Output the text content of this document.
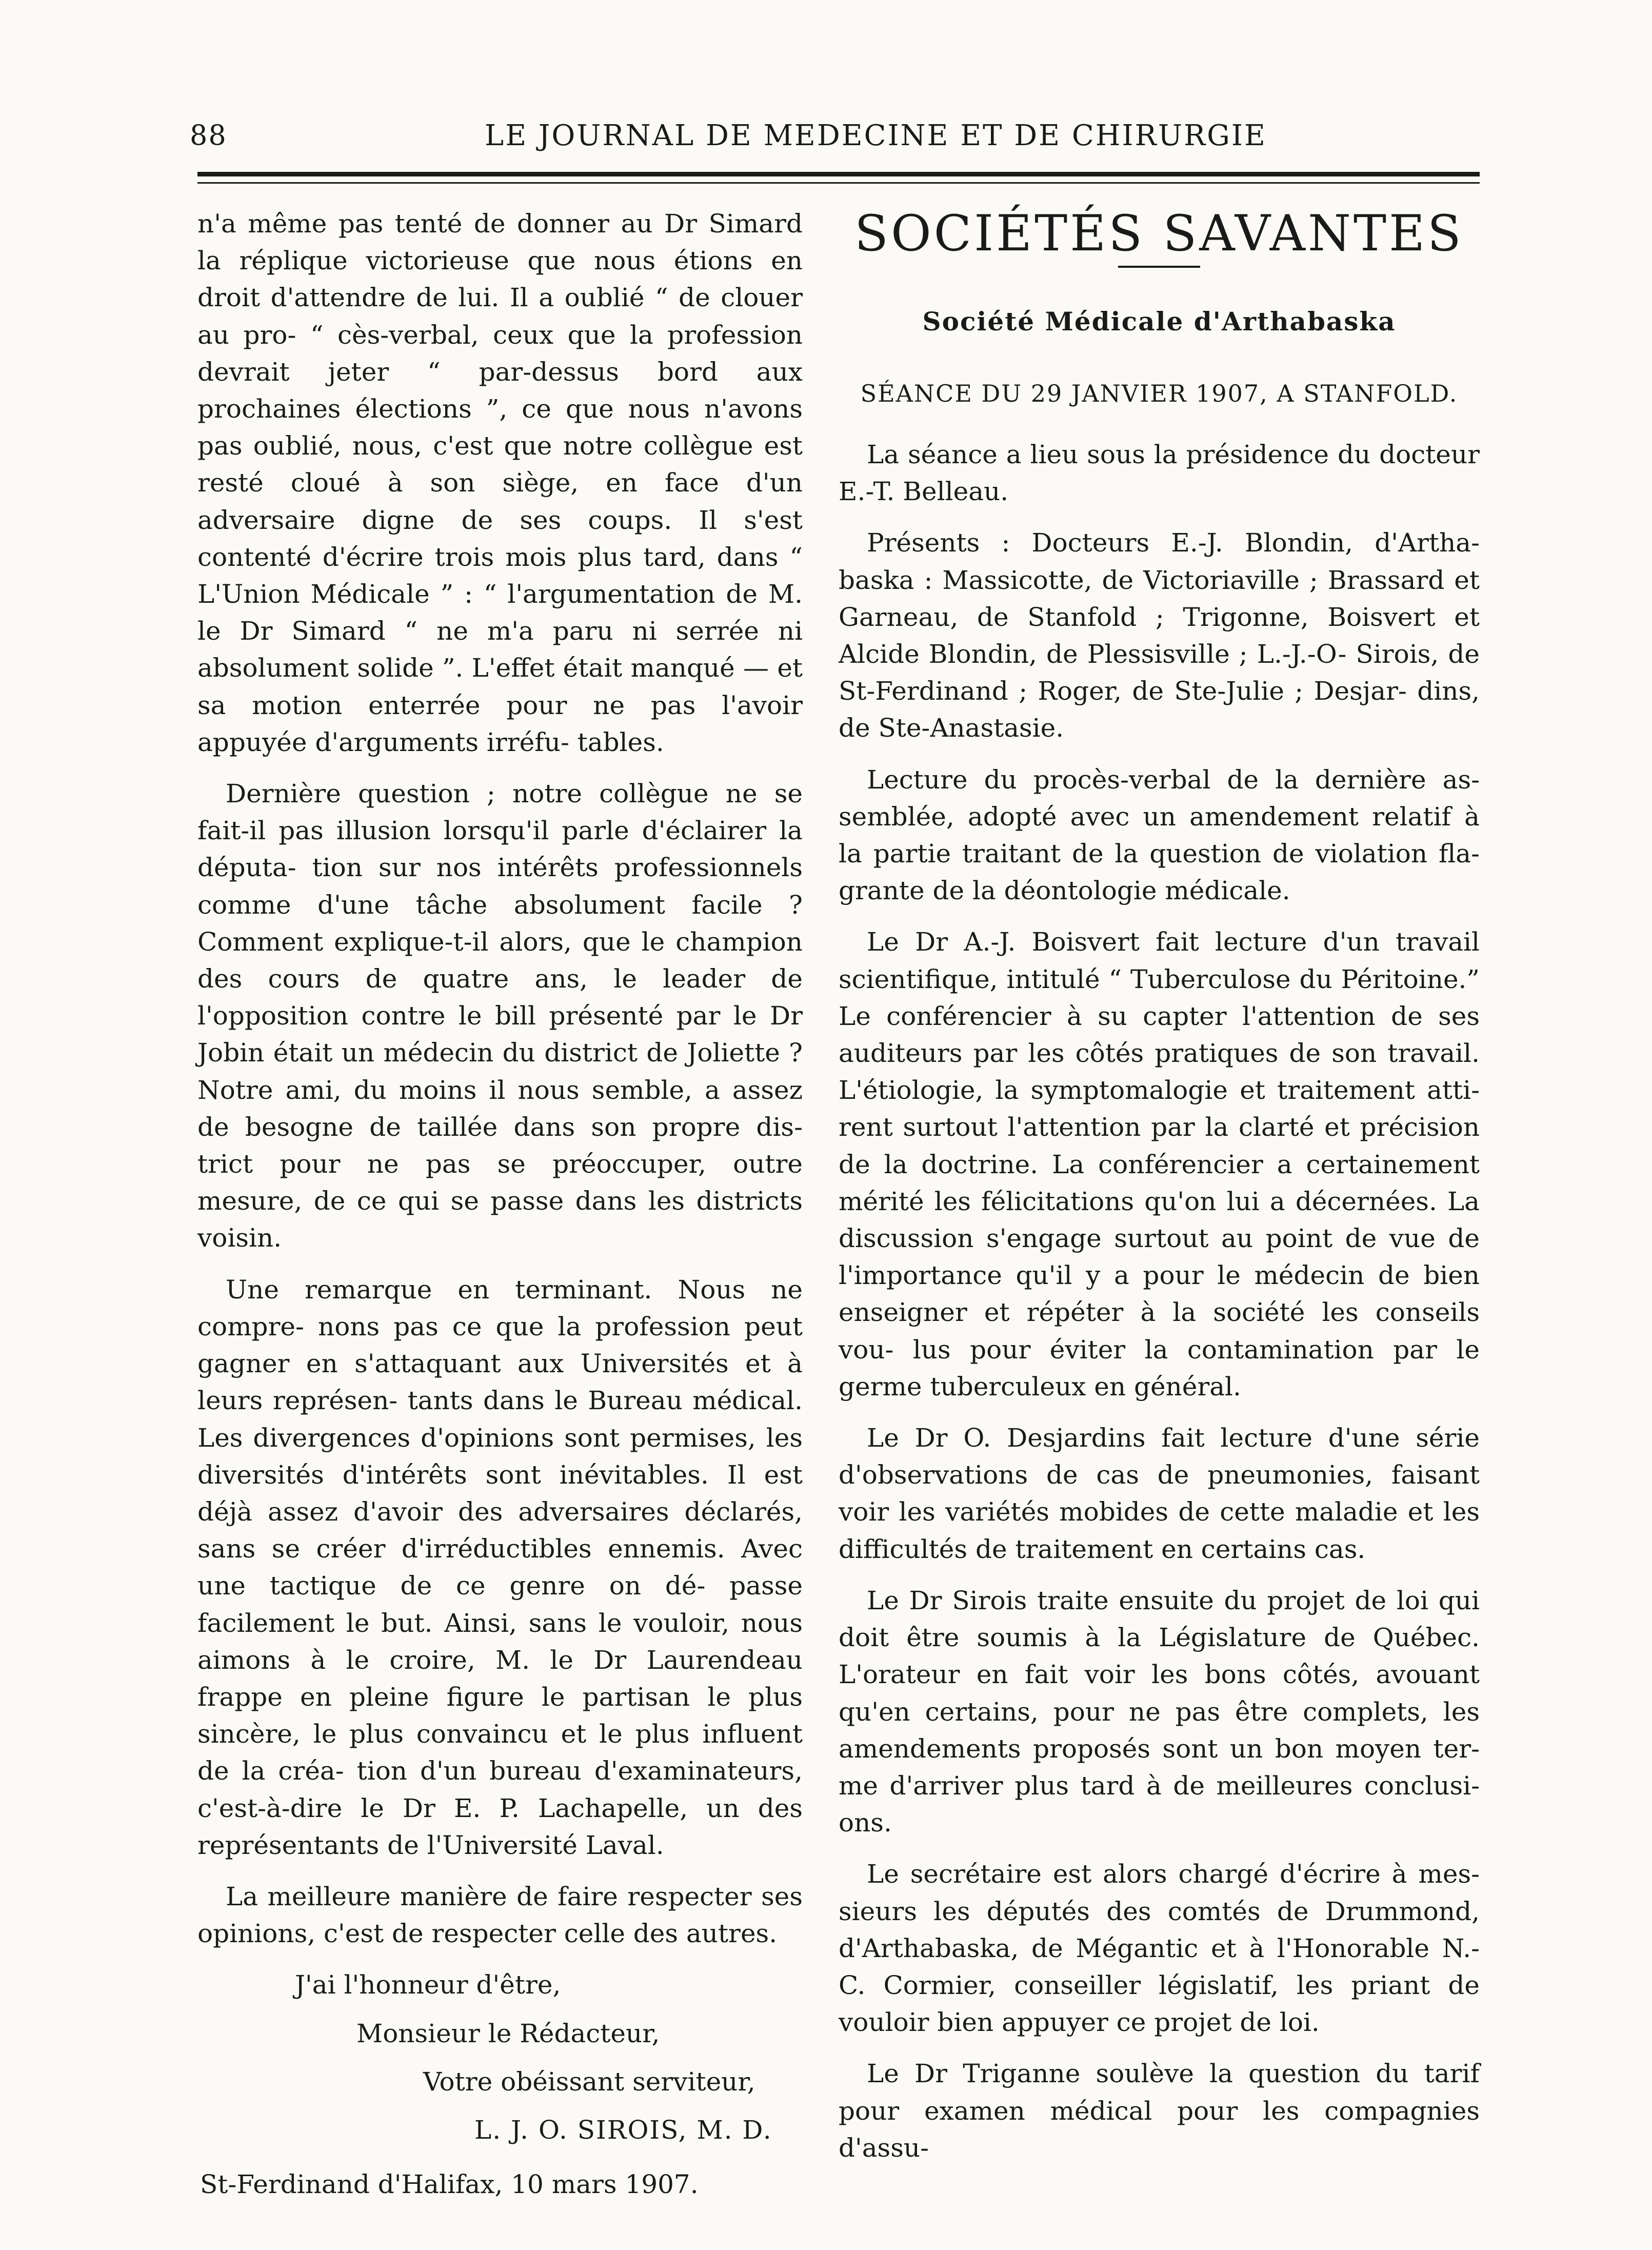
88	LE JOURNAL DE MEDECINE ET DE CHIRURGIE

n'a même pas tenté de donner au Dr Simard la réplique victorieuse que nous étions en droit d'attendre de lui. Il a oublié “ de clouer au pro- “ cès-verbal, ceux que la profession devrait jeter “ par-dessus bord aux prochaines élections ”, ce que nous n'avons pas oublié, nous, c'est que notre collègue est resté cloué à son siège, en face d'un adversaire digne de ses coups. Il s'est contenté d'écrire trois mois plus tard, dans “ L'Union Médicale ” : “ l'argumentation de M. le Dr Simard “ ne m'a paru ni serrée ni absolument solide ”. L'effet était manqué — et sa motion enterrée pour ne pas l'avoir appuyée d'arguments irréfu- tables.

Dernière question ; notre collègue ne se fait-il pas illusion lorsqu'il parle d'éclairer la députa- tion sur nos intérêts professionnels comme d'une tâche absolument facile ? Comment explique-t-il alors, que le champion des cours de quatre ans, le leader de l'opposition contre le bill présenté par le Dr Jobin était un médecin du district de Joliette ? Notre ami, du moins il nous semble, a assez de besogne de taillée dans son propre dis- trict pour ne pas se préoccuper, outre mesure, de ce qui se passe dans les districts voisin.

Une remarque en terminant. Nous ne compre- nons pas ce que la profession peut gagner en s'attaquant aux Universités et à leurs représen- tants dans le Bureau médical. Les divergences d'opinions sont permises, les diversités d'intérêts sont inévitables. Il est déjà assez d'avoir des adversaires déclarés, sans se créer d'irréductibles ennemis. Avec une tactique de ce genre on dé- passe facilement le but. Ainsi, sans le vouloir, nous aimons à le croire, M. le Dr Laurendeau frappe en pleine figure le partisan le plus sincère, le plus convaincu et le plus influent de la créa- tion d'un bureau d'examinateurs, c'est-à-dire le Dr E. P. Lachapelle, un des représentants de l'Université Laval.

La meilleure manière de faire respecter ses opinions, c'est de respecter celle des autres.

J'ai l'honneur d'être,
Monsieur le Rédacteur,
Votre obéissant serviteur,
L. J. O. SIROIS, M. D.
St-Ferdinand d'Halifax, 10 mars 1907.
SOCIÉTÉS SAVANTES
Société Médicale d'Arthabaska
SÉANCE DU 29 JANVIER 1907, A STANFOLD.

La séance a lieu sous la présidence du docteur E.-T. Belleau.

Présents : Docteurs E.-J. Blondin, d'Artha- baska : Massicotte, de Victoriaville ; Brassard et Garneau, de Stanfold ; Trigonne, Boisvert et Alcide Blondin, de Plessisville ; L.-J.-O- Sirois, de St-Ferdinand ; Roger, de Ste-Julie ; Desjar- dins, de Ste-Anastasie.

Lecture du procès-verbal de la dernière as- semblée, adopté avec un amendement relatif à la partie traitant de la question de violation fla- grante de la déontologie médicale.

Le Dr A.-J. Boisvert fait lecture d'un travail scientifique, intitulé “ Tuberculose du Péritoine.” Le conférencier à su capter l'attention de ses auditeurs par les côtés pratiques de son travail. L'étiologie, la symptomalogie et traitement atti- rent surtout l'attention par la clarté et précision de la doctrine. La conférencier a certainement mérité les félicitations qu'on lui a décernées. La discussion s'engage surtout au point de vue de l'importance qu'il y a pour le médecin de bien enseigner et répéter à la société les conseils vou- lus pour éviter la contamination par le germe tuberculeux en général.

Le Dr O. Desjardins fait lecture d'une série d'observations de cas de pneumonies, faisant voir les variétés mobides de cette maladie et les difficultés de traitement en certains cas.

Le Dr Sirois traite ensuite du projet de loi qui doit être soumis à la Législature de Québec. L'orateur en fait voir les bons côtés, avouant qu'en certains, pour ne pas être complets, les amendements proposés sont un bon moyen ter- me d'arriver plus tard à de meilleures conclusi- ons.

Le secrétaire est alors chargé d'écrire à mes- sieurs les députés des comtés de Drummond, d'Arthabaska, de Mégantic et à l'Honorable N.- C. Cormier, conseiller législatif, les priant de vouloir bien appuyer ce projet de loi.

Le Dr Triganne soulève la question du tarif pour examen médical pour les compagnies d'assu-
